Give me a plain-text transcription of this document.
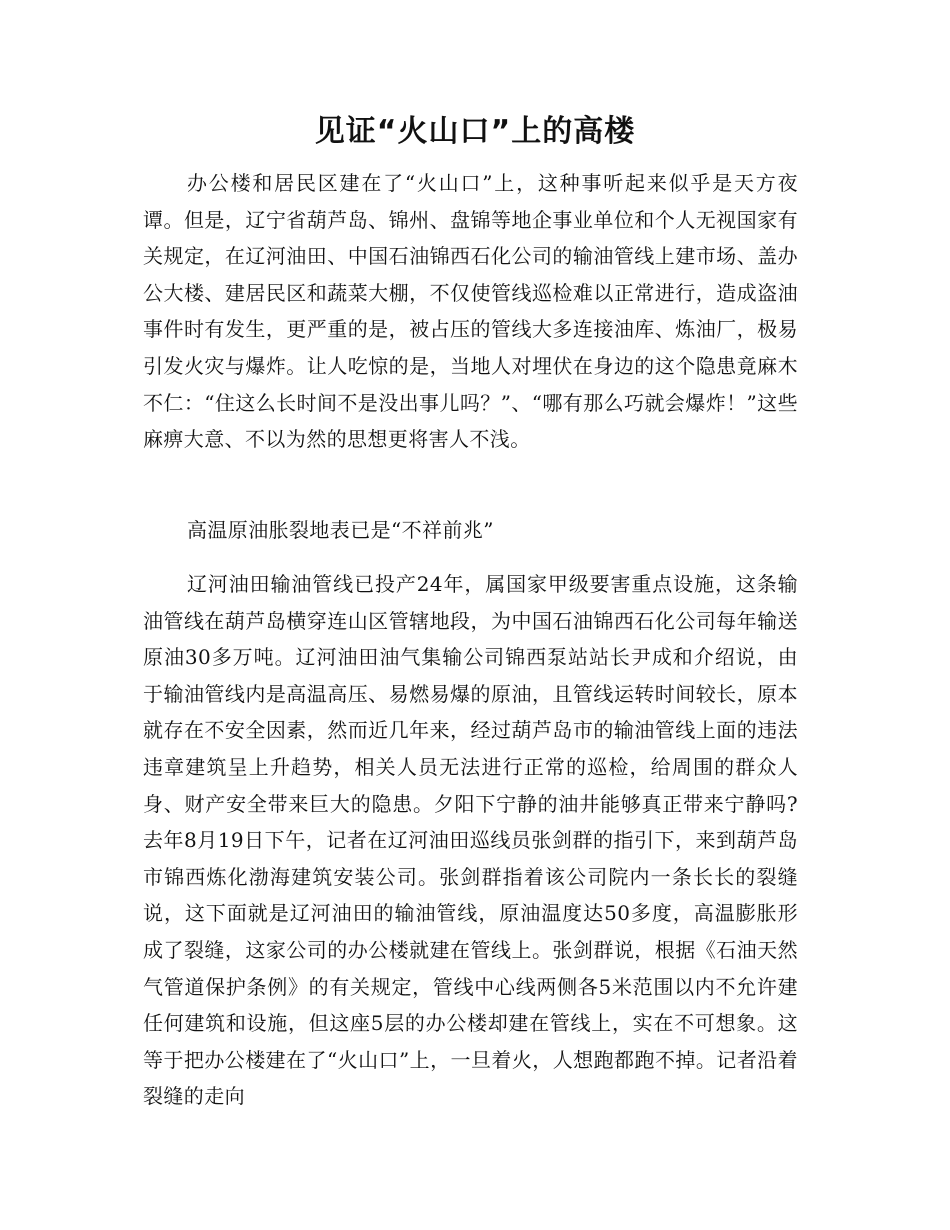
见证“火山口”上的高楼

办公楼和居民区建在了“火山口”上，这种事听起来似乎是天方夜谭。但是，辽宁省葫芦岛、锦州、盘锦等地企事业单位和个人无视国家有关规定，在辽河油田、中国石油锦西石化公司的输油管线上建市场、盖办公大楼、建居民区和蔬菜大棚，不仅使管线巡检难以正常进行，造成盗油事件时有发生，更严重的是，被占压的管线大多连接油库、炼油厂，极易引发火灾与爆炸。让人吃惊的是，当地人对埋伏在身边的这个隐患竟麻木不仁：“住这么长时间不是没出事儿吗？”、“哪有那么巧就会爆炸！”这些麻痹大意、不以为然的思想更将害人不浅。

高温原油胀裂地表已是“不祥前兆”

辽河油田输油管线已投产24年，属国家甲级要害重点设施，这条输油管线在葫芦岛横穿连山区管辖地段，为中国石油锦西石化公司每年输送原油30多万吨。辽河油田油气集输公司锦西泵站站长尹成和介绍说，由于输油管线内是高温高压、易燃易爆的原油，且管线运转时间较长，原本就存在不安全因素，然而近几年来，经过葫芦岛市的输油管线上面的违法违章建筑呈上升趋势，相关人员无法进行正常的巡检，给周围的群众人身、财产安全带来巨大的隐患。夕阳下宁静的油井能够真正带来宁静吗?去年8月19日下午，记者在辽河油田巡线员张剑群的指引下，来到葫芦岛市锦西炼化渤海建筑安装公司。张剑群指着该公司院内一条长长的裂缝说，这下面就是辽河油田的输油管线，原油温度达50多度，高温膨胀形成了裂缝，这家公司的办公楼就建在管线上。张剑群说，根据《石油天然气管道保护条例》的有关规定，管线中心线两侧各5米范围以内不允许建任何建筑和设施，但这座5层的办公楼却建在管线上，实在不可想象。这等于把办公楼建在了“火山口”上，一旦着火，人想跑都跑不掉。记者沿着裂缝的走向
